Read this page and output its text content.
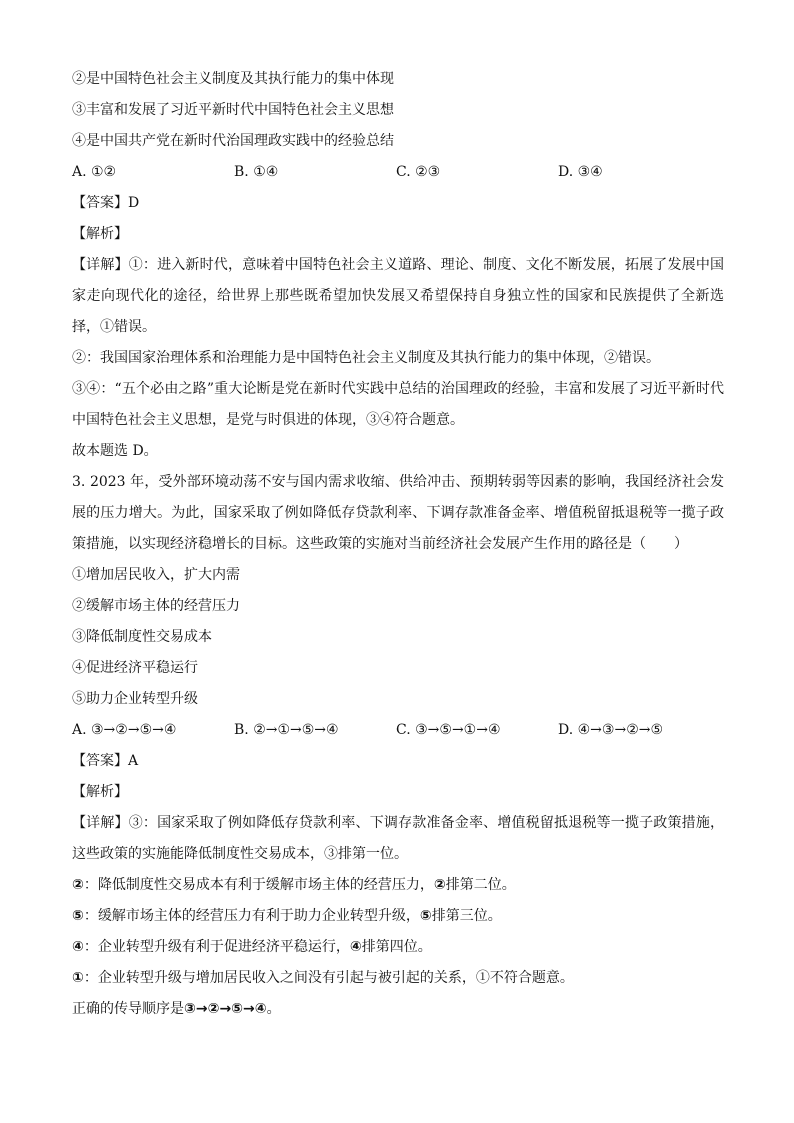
②是中国特色社会主义制度及其执行能力的集中体现

③丰富和发展了习近平新时代中国特色社会主义思想

④是中国共产党在新时代治国理政实践中的经验总结

A. ①②	B. ①④	C. ②③	D. ③④

【答案】D

【解析】

【详解】①：进入新时代，意味着中国特色社会主义道路、理论、制度、文化不断发展，拓展了发展中国家走向现代化的途径，给世界上那些既希望加快发展又希望保持自身独立性的国家和民族提供了全新选择，①错误。

②：我国国家治理体系和治理能力是中国特色社会主义制度及其执行能力的集中体现，②错误。

③④：“五个必由之路”重大论断是党在新时代实践中总结的治国理政的经验，丰富和发展了习近平新时代中国特色社会主义思想，是党与时俱进的体现，③④符合题意。

故本题选 D。

3. 2023 年，受外部环境动荡不安与国内需求收缩、供给冲击、预期转弱等因素的影响，我国经济社会发展的压力增大。为此，国家采取了例如降低存贷款利率、下调存款准备金率、增值税留抵退税等一揽子政策措施，以实现经济稳增长的目标。这些政策的实施对当前经济社会发展产生作用的路径是（　　）

①增加居民收入，扩大内需

②缓解市场主体的经营压力

③降低制度性交易成本

④促进经济平稳运行

⑤助力企业转型升级

A. ③→②→⑤→④	B. ②→①→⑤→④	C. ③→⑤→①→④	D. ④→③→②→⑤

【答案】A

【解析】

【详解】③：国家采取了例如降低存贷款利率、下调存款准备金率、增值税留抵退税等一揽子政策措施，这些政策的实施能降低制度性交易成本，③排第一位。

②：降低制度性交易成本有利于缓解市场主体的经营压力，②排第二位。

⑤：缓解市场主体的经营压力有利于助力企业转型升级，⑤排第三位。

④：企业转型升级有利于促进经济平稳运行，④排第四位。

①：企业转型升级与增加居民收入之间没有引起与被引起的关系，①不符合题意。

正确的传导顺序是③→②→⑤→④。
